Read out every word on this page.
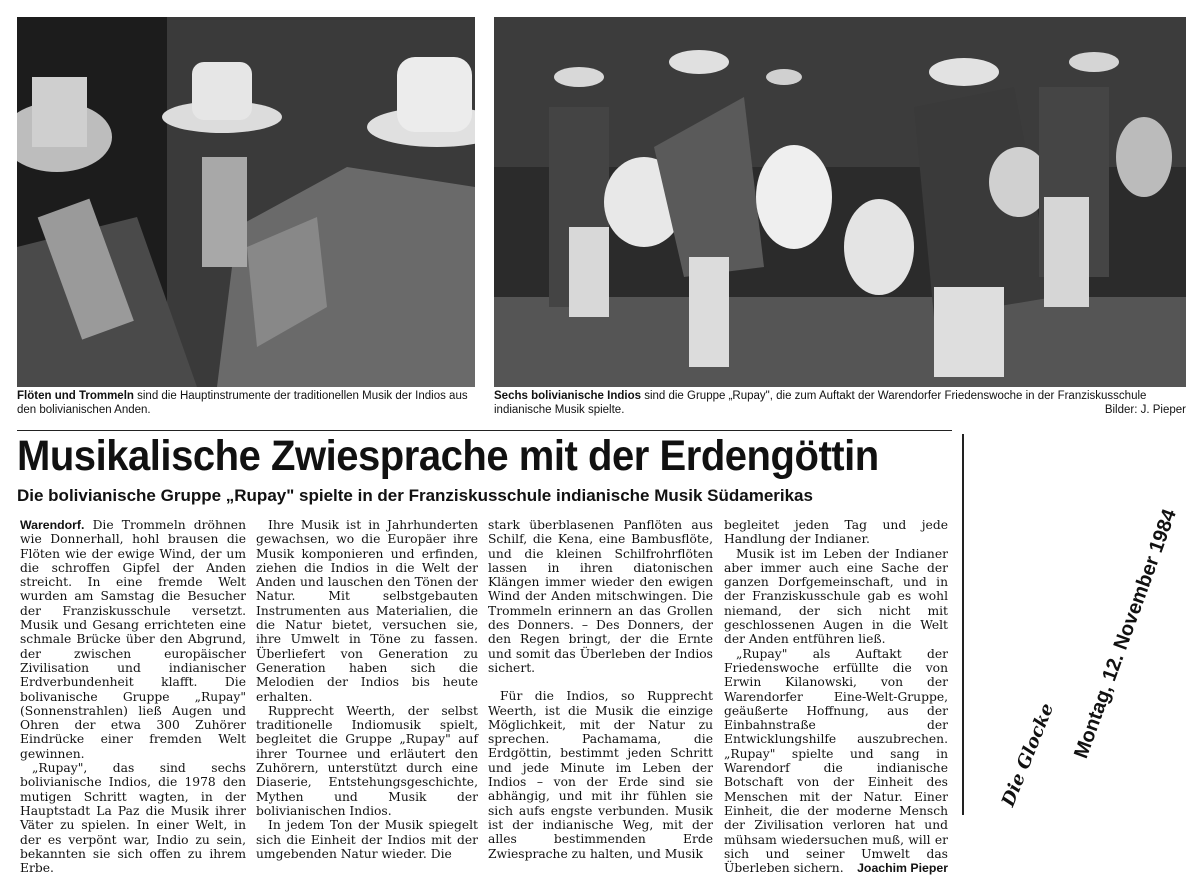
Flöten und Trommeln sind die Hauptinstrumente der traditionellen Musik der Indios aus den bolivianischen Anden.
Sechs bolivianische Indios sind die Gruppe „Rupay", die zum Auftakt der Warendorfer Friedenswoche in der Franziskusschule indianische Musik spielte.	Bilder: J. Pieper
Musikalische Zwiesprache mit der Erdengöttin
Die bolivianische Gruppe „Rupay" spielte in der Franziskusschule indianische Musik Südamerikas

Warendorf. Die Trommeln dröhnen wie Donnerhall, hohl brausen die Flöten wie der ewige Wind, der um die schroffen Gipfel der Anden streicht. In eine fremde Welt wurden am Samstag die Besucher der Franziskusschule versetzt. Musik und Gesang errichteten eine schmale Brücke über den Abgrund, der zwischen europäischer Zivilisation und indianischer Erdverbundenheit klafft. Die bolivanische Gruppe „Rupay" (Sonnenstrahlen) ließ Augen und Ohren der etwa 300 Zuhörer Eindrücke einer fremden Welt gewinnen.

„Rupay", das sind sechs bolivianische Indios, die 1978 den mutigen Schritt wagten, in der Hauptstadt La Paz die Musik ihrer Väter zu spielen. In einer Welt, in der es verpönt war, Indio zu sein, bekannten sie sich offen zu ihrem Erbe.

Ihre Musik ist in Jahrhunderten gewachsen, wo die Europäer ihre Musik komponieren und erfinden, ziehen die Indios in die Welt der Anden und lauschen den Tönen der Natur. Mit selbstgebauten Instrumenten aus Materialien, die die Natur bietet, versuchen sie, ihre Umwelt in Töne zu fassen. Überliefert von Generation zu Generation haben sich die Melodien der Indios bis heute erhalten.

Rupprecht Weerth, der selbst traditionelle Indiomusik spielt, begleitet die Gruppe „Rupay" auf ihrer Tournee und erläutert den Zuhörern, unterstützt durch eine Diaserie, Entstehungsgeschichte, Mythen und Musik der bolivianischen Indios.

In jedem Ton der Musik spiegelt sich die Einheit der Indios mit der umgebenden Natur wieder. Die

stark überblasenen Panflöten aus Schilf, die Kena, eine Bambusflöte, und die kleinen Schilfrohrflöten lassen in ihren diatonischen Klängen immer wieder den ewigen Wind der Anden mitschwingen. Die Trommeln erinnern an das Grollen des Donners. – Des Donners, der den Regen bringt, der die Ernte und somit das Überleben der Indios sichert.

Für die Indios, so Rupprecht Weerth, ist die Musik die einzige Möglichkeit, mit der Natur zu sprechen. Pachamama, die Erdgöttin, bestimmt jeden Schritt und jede Minute im Leben der Indios – von der Erde sind sie abhängig, und mit ihr fühlen sie sich aufs engste verbunden. Musik ist der indianische Weg, mit der alles bestimmenden Erde Zwiesprache zu halten, und Musik

begleitet jeden Tag und jede Handlung der Indianer.

Musik ist im Leben der Indianer aber immer auch eine Sache der ganzen Dorfgemeinschaft, und in der Franziskusschule gab es wohl niemand, der sich nicht mit geschlossenen Augen in die Welt der Anden entführen ließ.

„Rupay" als Auftakt der Friedenswoche erfüllte die von Erwin Kilanowski, von der Warendorfer Eine-Welt-Gruppe, geäußerte Hoffnung, aus der Einbahnstraße der Entwicklungshilfe auszubrechen. „Rupay" spielte und sang in Warendorf die indianische Botschaft von der Einheit des Menschen mit der Natur. Einer Einheit, die der moderne Mensch der Zivilisation verloren hat und mühsam wiedersuchen muß, will er sich und seiner Umwelt das Überleben sichern.	Joachim Pieper

Montag, 12. November 1984
Die Glocke
